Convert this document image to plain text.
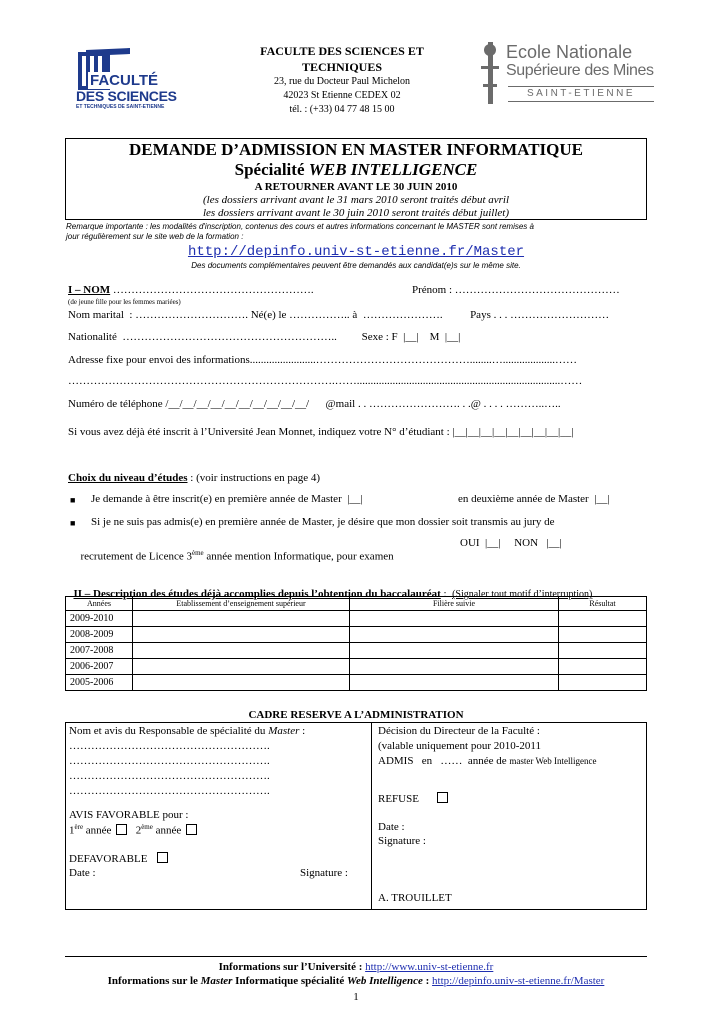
FACULTÉ
DES SCIENCES
ET TECHNIQUES DE SAINT-ETIENNE
FACULTE DES SCIENCES ET
TECHNIQUES
23, rue du Docteur Paul Michelon
42023 St Etienne CEDEX 02
tél. : (+33) 04 77 48 15 00
Ecole Nationale
Supérieure des Mines
SAINT-ETIENNE
DEMANDE D’ADMISSION EN MASTER INFORMATIQUE
Spécialité WEB INTELLIGENCE
A RETOURNER AVANT LE 30 JUIN 2010
(les dossiers arrivant avant le 31 mars 2010 seront traités début avril
les dossiers arrivant avant le 30 juin 2010 seront traités début juillet)
Remarque importante : les modalités d'inscription, contenus des cours et autres informations concernant le MASTER sont remises à
jour régulièrement sur le site web de la formation :
http://depinfo.univ-st-etienne.fr/Master
Des documents complémentaires peuvent être demandés aux candidat(e)s sur le même site.
I – NOM ……………………………………………….	Prénom : ………………………………………
(de jeune fille pour les femmes mariées)
Nom marital  : …………………………. Né(e) le …………….. à  ………………….          Pays . . . ………………………
Nationalité  …………………………………………………..         Sexe : F  |__|    M  |__|
Adresse fixe pour envoi des informations........................……………………………………........…...................……
……………………………………………………………….……..........................................................................……
Numéro de téléphone /__/__/__/__/__/__/__/__/__/__/      @mail . . ……………………. . .@ . . . . ………..…..
Si vous avez déjà été inscrit à l’Université Jean Monnet, indiquez votre N° d’étudiant : |__|__|__|__|__|__|__|__|__|
Choix du niveau d’études : (voir instructions en page 4)
■ Je demande à être inscrit(e) en première année de Master  |__|	en deuxième année de Master  |__|
■ Si je ne suis pas admis(e) en première année de Master, je désire que mon dossier soit transmis au jury de

recrutement de Licence 3ème année mention Informatique, pour examen

OUI  |__|     NON   |__|

II – Description des études déjà accomplies depuis l’obtention du baccalauréat :  (Signaler tout motif d’interruption)

Années	Etablissement d’enseignement supérieur	Filière suivie	Résultat
2009-2010			
2008-2009			
2007-2008			
2006-2007			
2005-2006			
CADRE RESERVE A L’ADMINISTRATION
Nom et avis du Responsable de spécialité du Master :
……………………………………………….
……………………………………………….
……………………………………………….
……………………………………………….
AVIS FAVORABLE pour :
1ère année 2ème année
DEFAVORABLE
Date :	Signature :
Décision du Directeur de la Faculté :
(valable uniquement pour 2010-2011
ADMIS   en   ……  année de master Web Intelligence
REFUSE
Date :
Signature :
A. TROUILLET
Informations sur l’Université : http://www.univ-st-etienne.fr
Informations sur le Master Informatique spécialité Web Intelligence : http://depinfo.univ-st-etienne.fr/Master
1
